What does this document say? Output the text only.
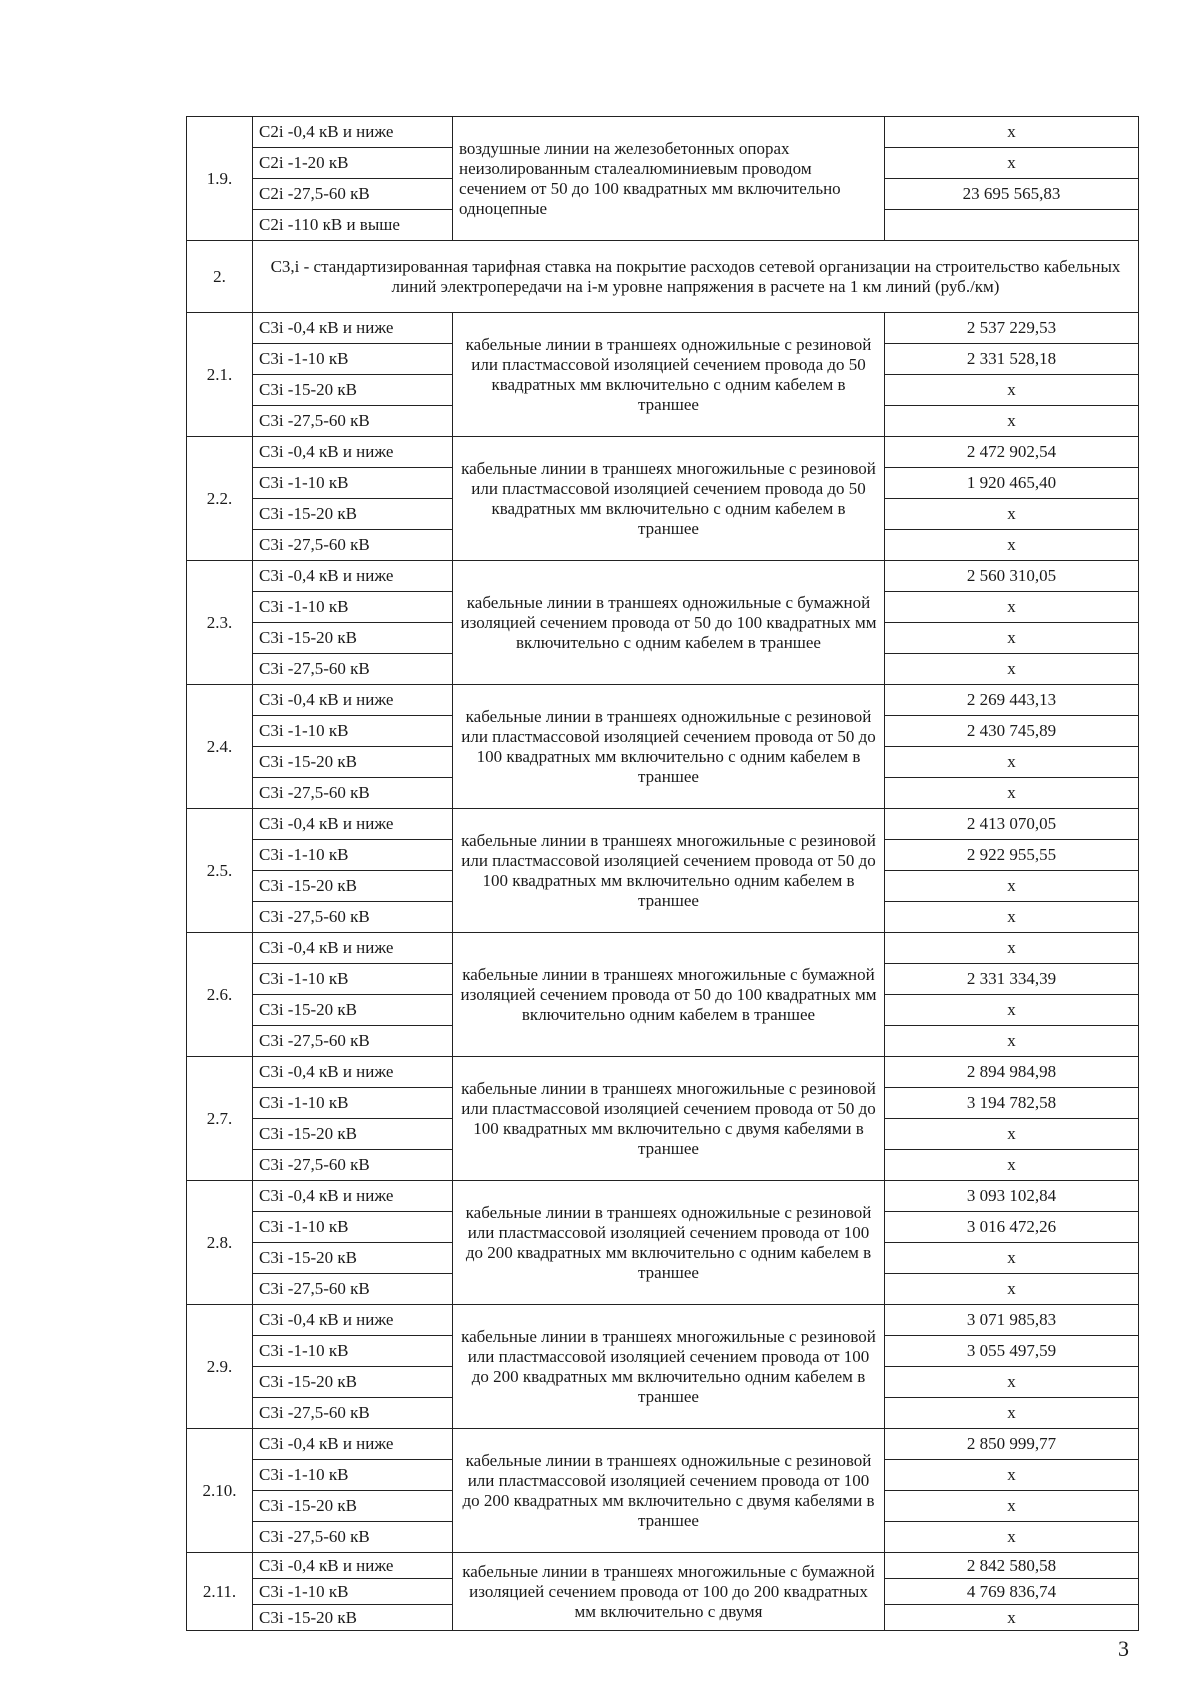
1.9.	C2i -0,4 кВ и ниже	воздушные линии на железобетонных опорах неизолированным сталеалюминиевым проводом сечением от 50 до 100 квадратных мм включительно одноцепные	х
	C2i -1-20 кВ		х
	C2i -27,5-60 кВ		23 695 565,83
	C2i -110 кВ и выше		
2.	C3,i - стандартизированная тарифная ставка на покрытие расходов сетевой организации на строительство кабельных линий электропередачи на i-м уровне напряжения в расчете на 1 км линий (руб./км)		
2.1.	C3i -0,4 кВ и ниже	кабельные линии в траншеях одножильные с резиновой или пластмассовой изоляцией сечением провода до 50 квадратных мм включительно с одним кабелем в траншее	2 537 229,53
	C3i -1-10 кВ		2 331 528,18
	C3i -15-20 кВ		х
	C3i -27,5-60 кВ		х
2.2.	C3i -0,4 кВ и ниже	кабельные линии в траншеях многожильные с резиновой или пластмассовой изоляцией сечением провода до 50 квадратных мм включительно с одним кабелем в траншее	2 472 902,54
	C3i -1-10 кВ		1 920 465,40
	C3i -15-20 кВ		х
	C3i -27,5-60 кВ		х
2.3.	C3i -0,4 кВ и ниже	кабельные линии в траншеях одножильные с бумажной изоляцией сечением провода от 50 до 100 квадратных мм включительно с одним кабелем в траншее	2 560 310,05
	C3i -1-10 кВ		х
	C3i -15-20 кВ		х
	C3i -27,5-60 кВ		х
2.4.	C3i -0,4 кВ и ниже	кабельные линии в траншеях одножильные с резиновой или пластмассовой изоляцией сечением провода от 50 до 100 квадратных мм включительно с одним кабелем в траншее	2 269 443,13
	C3i -1-10 кВ		2 430 745,89
	C3i -15-20 кВ		х
	C3i -27,5-60 кВ		х
2.5.	C3i -0,4 кВ и ниже	кабельные линии в траншеях многожильные с резиновой или пластмассовой изоляцией сечением провода от 50 до 100 квадратных мм включительно одним кабелем в траншее	2 413 070,05
	C3i -1-10 кВ		2 922 955,55
	C3i -15-20 кВ		х
	C3i -27,5-60 кВ		х
2.6.	C3i -0,4 кВ и ниже	кабельные линии в траншеях многожильные с бумажной изоляцией сечением провода от 50 до 100 квадратных мм включительно одним кабелем в траншее	х
	C3i -1-10 кВ		2 331 334,39
	C3i -15-20 кВ		х
	C3i -27,5-60 кВ		х
2.7.	C3i -0,4 кВ и ниже	кабельные линии в траншеях многожильные с резиновой или пластмассовой изоляцией сечением провода от 50 до 100 квадратных мм включительно с двумя кабелями в траншее	2 894 984,98
	C3i -1-10 кВ		3 194 782,58
	C3i -15-20 кВ		х
	C3i -27,5-60 кВ		х
2.8.	C3i -0,4 кВ и ниже	кабельные линии в траншеях одножильные с резиновой или пластмассовой изоляцией сечением провода от 100 до 200 квадратных мм включительно с одним кабелем в траншее	3 093 102,84
	C3i -1-10 кВ		3 016 472,26
	C3i -15-20 кВ		х
	C3i -27,5-60 кВ		х
2.9.	C3i -0,4 кВ и ниже	кабельные линии в траншеях многожильные с резиновой или пластмассовой изоляцией сечением провода от 100 до 200 квадратных мм включительно одним кабелем в траншее	3 071 985,83
	C3i -1-10 кВ		3 055 497,59
	C3i -15-20 кВ		х
	C3i -27,5-60 кВ		х
2.10.	C3i -0,4 кВ и ниже	кабельные линии в траншеях одножильные с резиновой или пластмассовой изоляцией сечением провода от 100 до 200 квадратных мм включительно с двумя кабелями в траншее	2 850 999,77
	C3i -1-10 кВ		х
	C3i -15-20 кВ		х
	C3i -27,5-60 кВ		х
2.11.	C3i -0,4 кВ и ниже	кабельные линии в траншеях многожильные с бумажной изоляцией сечением провода от 100 до 200 квадратных мм включительно с двумя	2 842 580,58
	C3i -1-10 кВ		4 769 836,74
	C3i -15-20 кВ		х
3
